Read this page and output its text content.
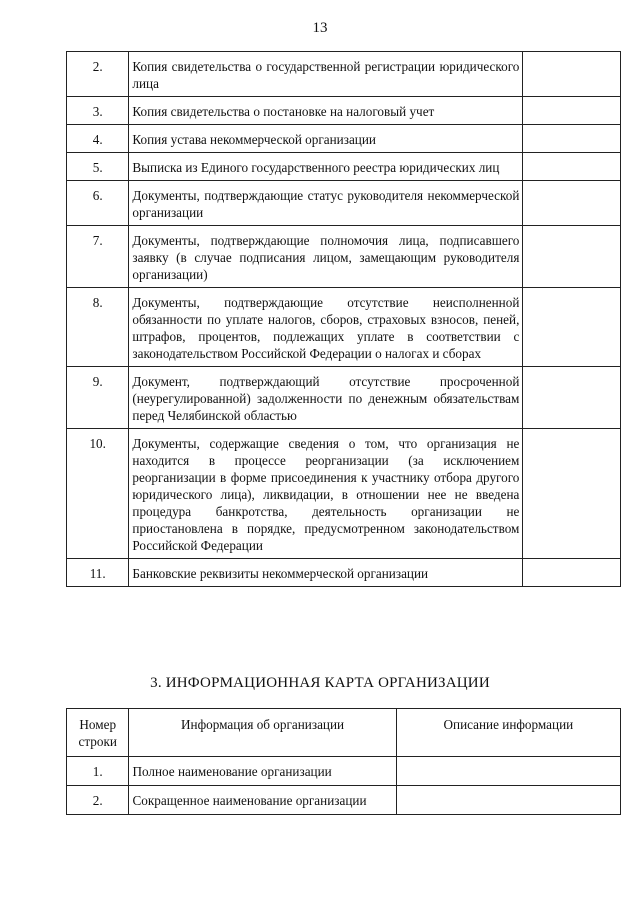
13
2.	Копия свидетельства о государственной регистрации юридического лица	
3.	Копия свидетельства о постановке на налоговый учет	
4.	Копия устава некоммерческой организации	
5.	Выписка из Единого государственного реестра юридических лиц	
6.	Документы, подтверждающие статус руководителя некоммерческой организации	
7.	Документы, подтверждающие полномочия лица, подписавшего заявку (в случае подписания лицом, замещающим руководителя организации)	
8.	Документы, подтверждающие отсутствие неисполненной обязанности по уплате налогов, сборов, страховых взносов, пеней, штрафов, процентов, подлежащих уплате в соответствии с законодательством Российской Федерации о налогах и сборах	
9.	Документ, подтверждающий отсутствие просроченной (неурегулированной) задолженности по денежным обязательствам перед Челябинской областью	
10.	Документы, содержащие сведения о том, что организация не находится в процессе реорганизации (за исключением реорганизации в форме присоединения к участнику отбора другого юридического лица), ликвидации, в отношении нее не введена процедура банкротства, деятельность организации не приостановлена в порядке, предусмотренном законодательством Российской Федерации	
11.	Банковские реквизиты некоммерческой организации	
3. ИНФОРМАЦИОННАЯ КАРТА ОРГАНИЗАЦИИ
Номер строки	Информация об организации	Описание информации
1.	Полное наименование организации	
2.	Сокращенное наименование организации	
